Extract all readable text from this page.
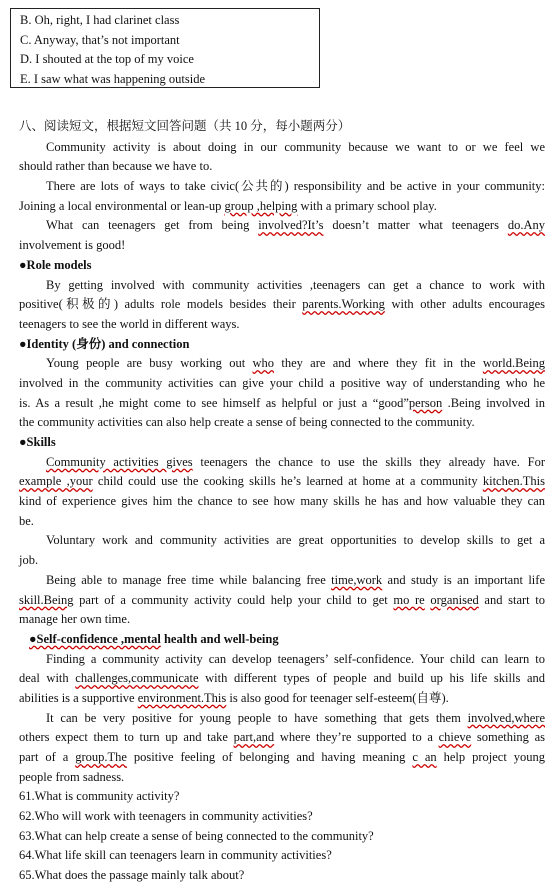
B. Oh, right, I had clarinet class
C. Anyway, that’s not important
D. I shouted at the top of my voice
E. I saw what was happening outside
八、阅读短文，根据短文回答问题（共 10 分，每小题两分）
Community activity is about doing in our community because we want to or we feel we
should rather than because we have to.
There are lots of ways to take civic(公共的) responsibility and be active in your community:
Joining a local environmental or lean-up group ,helping with a primary school play.
What can teenagers get from being involved?It’s doesn’t matter what teenagers do.Any
involvement is good!
●Role models
By getting involved with community activities ,teenagers can get a chance to work with
positive(积极的) adults role models besides their parents.Working with other adults encourages
teenagers to see the world in different ways.
●Identity (身份) and connection
Young people are busy working out who they are and where they fit in the world.Being
involved in the community activities can give your child a positive way of understanding who he
is. As a result ,he might come to see himself as helpful or just a “good”person .Being involved in
the community activities can also help create a sense of being connected to the community.
●Skills
Community activities gives teenagers the chance to use the skills they already have. For
example ,your child could use the cooking skills he’s learned at home at a community kitchen.This
kind of experience gives him the chance to see how many skills he has and how valuable they can
be.
Voluntary work and community activities are great opportunities to develop skills to get a
job.
Being able to manage free time while balancing free time,work and study is an important life
skill.Being part of a community activity could help your child to get mo re organised and start to
manage her own time.
●Self-confidence ,mental health and well-being
Finding a community activity can develop teenagers’ self-confidence. Your child can learn to
deal with challenges,communicate with different types of people and build up his life skills and
abilities is a supportive environment.This is also good for teenager self-esteem(自尊).
It can be very positive for young people to have something that gets them involved,where
others expect them to turn up and take part,and where they’re supported to a chieve something as
part of a group.The positive feeling of belonging and having meaning c an help project young
people from sadness.
61.What is community activity?
62.Who will work with teenagers in community activities?
63.What can help create a sense of being connected to the community?
64.What life skill can teenagers learn in community activities?
65.What does the passage mainly talk about?
